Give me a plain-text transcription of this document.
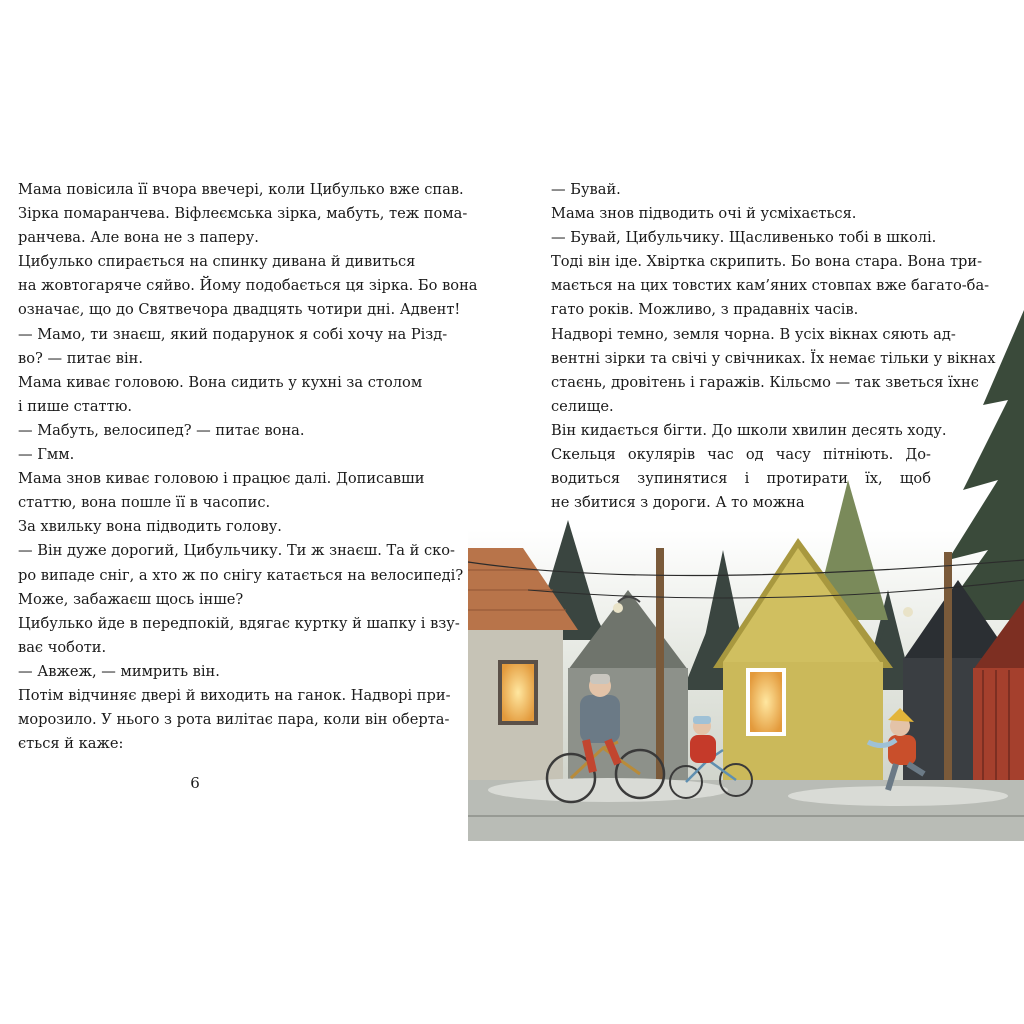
Мама повісила її вчора ввечері, коли Цибулько вже спав.
Зірка помаранчева. Віфлеємська зірка, мабуть, теж пома-
ранчева. Але вона не з паперу.

Цибулько спирається на спинку дивана й дивиться
на жовтогаряче сяйво. Йому подобається ця зірка. Бо вона
означає, що до Святвечора двадцять чотири дні. Адвент!

— Мамо, ти знаєш, який подарунок я собі хочу на Різд-
во? — питає він.

Мама киває головою. Вона сидить у кухні за столом
і пише статтю.

— Мабуть, велосипед? — питає вона.

— Гмм.

Мама знов киває головою і працює далі. Дописавши
статтю, вона пошле її в часопис.

За хвильку вона підводить голову.

— Він дуже дорогий, Цибульчику. Ти ж знаєш. Та й ско-
ро випаде сніг, а хто ж по снігу катається на велосипеді?
Може, забажаєш щось інше?

Цибулько йде в передпокій, вдягає куртку й шапку і взу-
ває чоботи.

— Авжеж, — мимрить він.

Потім відчиняє двері й виходить на ганок. Надворі при-
морозило. У нього з рота вилітає пара, коли він оберта-
ється й каже:

6

— Бувай.

Мама знов підводить очі й усміхається.

— Бувай, Цибульчику. Щасливенько тобі в школі.

Тоді він іде. Хвіртка скрипить. Бо вона стара. Вона три-
мається на цих товстих кам’яних стовпах вже багато-ба-
гато років. Можливо, з прадавніх часів.

Надворі темно, земля чорна. В усіх вікнах сяють ад-
вентні зірки та свічі у свічниках. Їх немає тільки у вікнах
стаєнь, дровітень і гаражів. Кільсмо — так зветься їхнє
селище.

Він кидається бігти. До школи хвилин десять ходу.
Скельця окулярів час од часу пітніють. До-
водиться зупинятися і протирати їх, щоб
не збитися з дороги. А то можна
